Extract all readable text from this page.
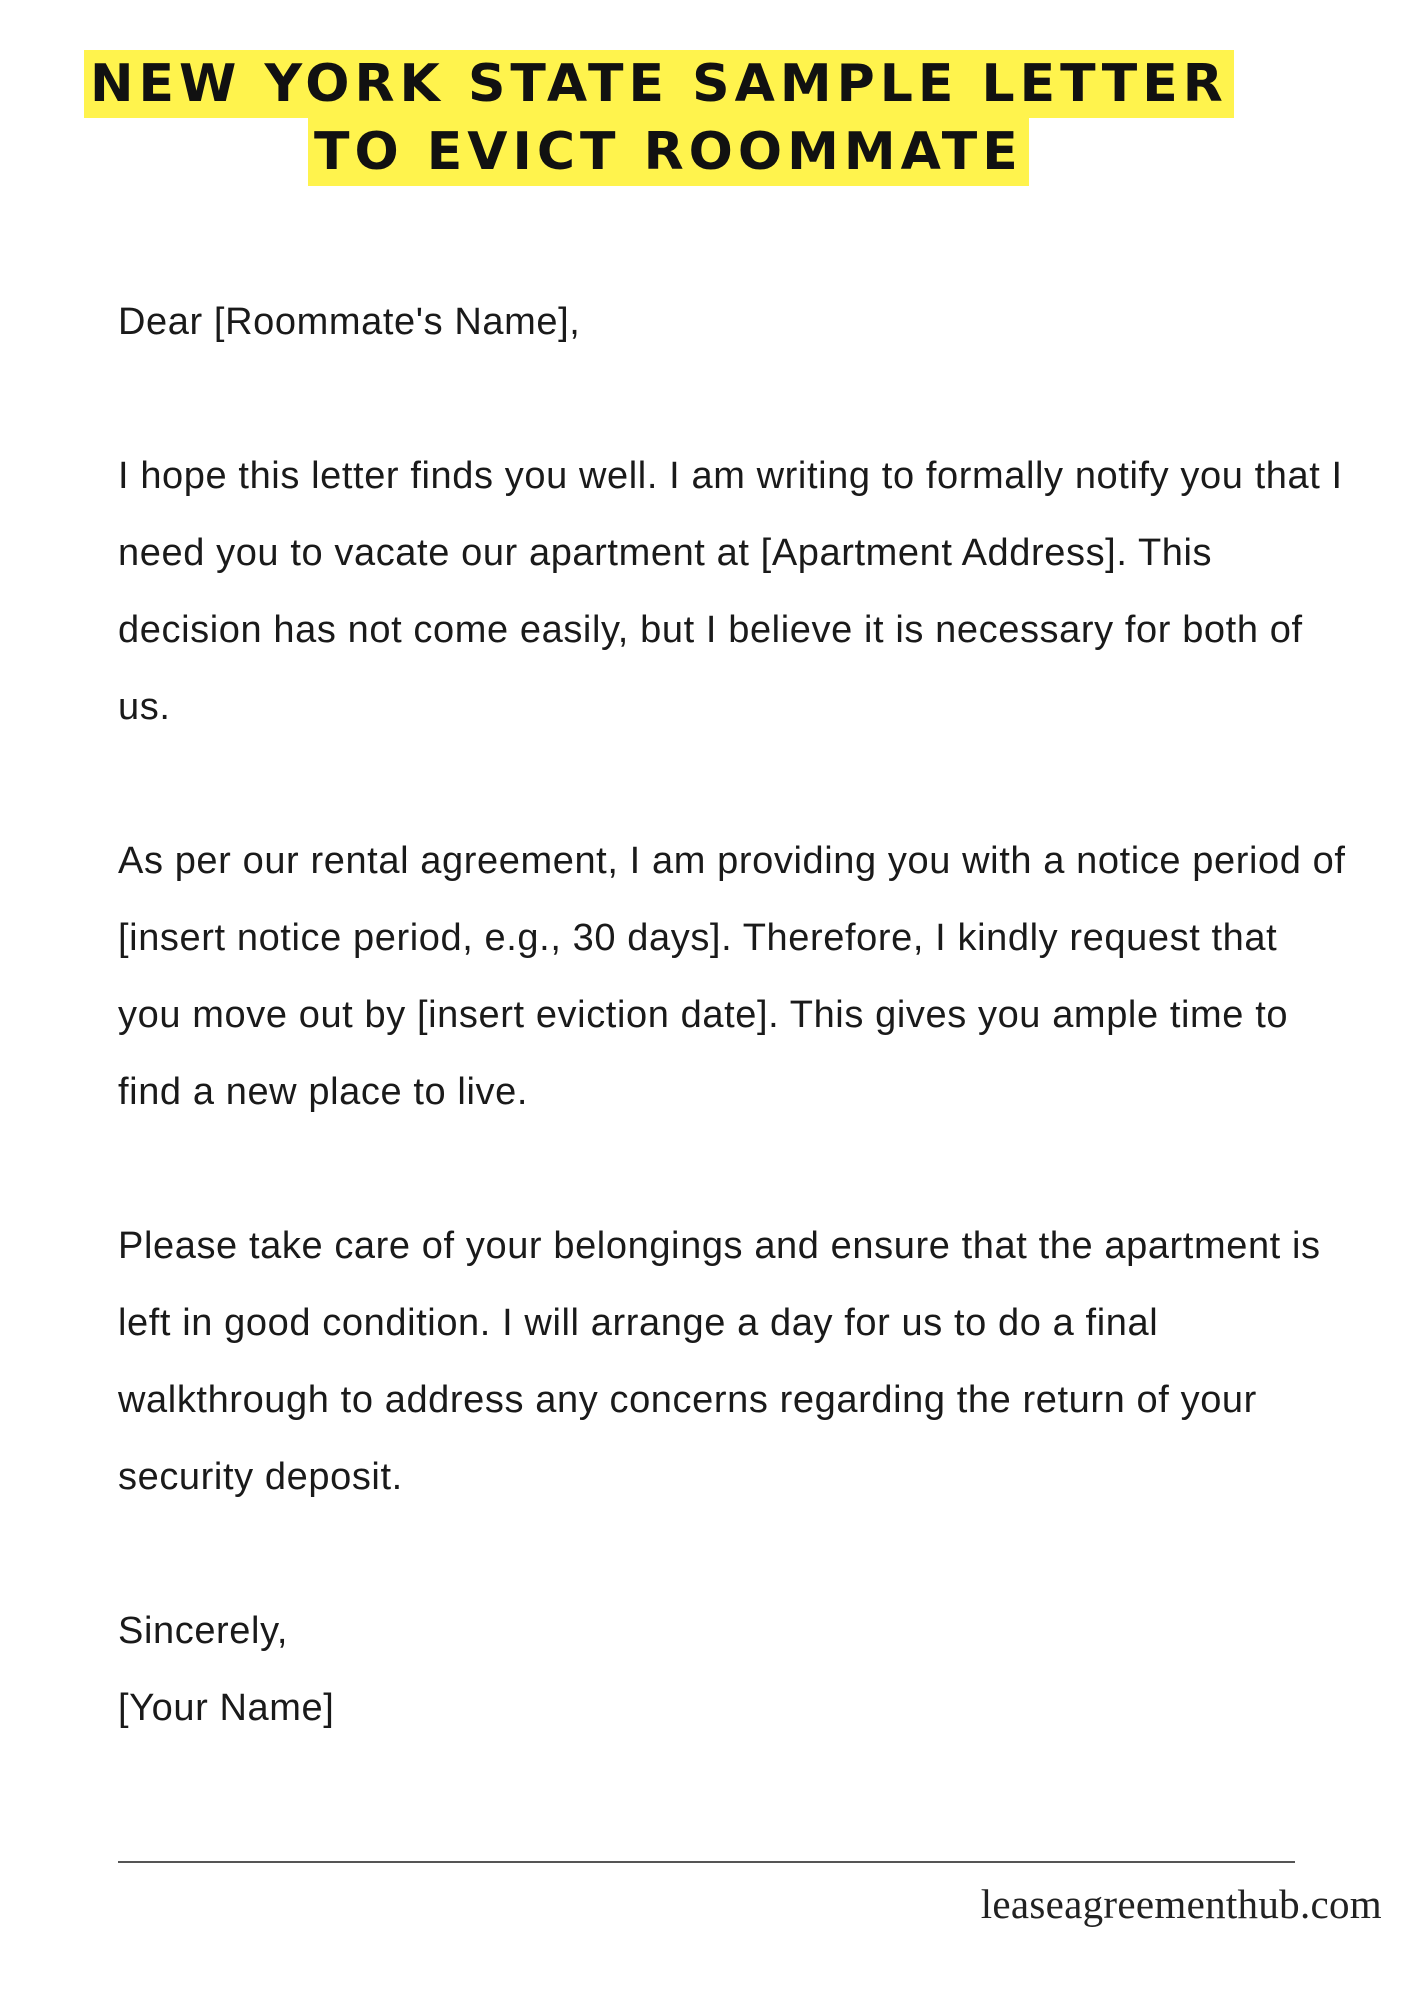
NEW YORK STATE SAMPLE LETTER
TO EVICT ROOMMATE

Dear [Roommate's Name],

I hope this letter finds you well. I am writing to formally notify you that I need you to vacate our apartment at [Apartment Address]. This decision has not come easily, but I believe it is necessary for both of us.

As per our rental agreement, I am providing you with a notice period of [insert notice period, e.g., 30 days]. Therefore, I kindly request that you move out by [insert eviction date]. This gives you ample time to find a new place to live.

Please take care of your belongings and ensure that the apartment is left in good condition. I will arrange a day for us to do a final walkthrough to address any concerns regarding the return of your security deposit.

Sincerely,

[Your Name]

leaseagreementhub.com
